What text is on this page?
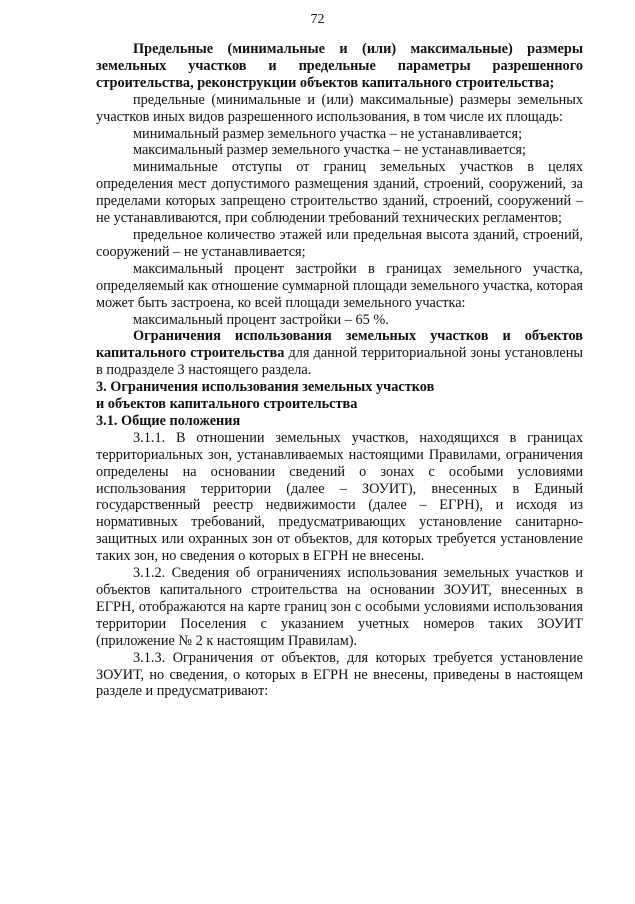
72

Предельные (минимальные и (или) максимальные) размеры земельных участков и предельные параметры разрешенного строительства, реконструкции объектов капитального строительства;

предельные (минимальные и (или) максимальные) размеры земельных участков иных видов разрешенного использования, в том числе их площадь:

минимальный размер земельного участка – не устанавливается;

максимальный размер земельного участка – не устанавливается;

минимальные отступы от границ земельных участков в целях определения мест допустимого размещения зданий, строений, сооружений, за пределами которых запрещено строительство зданий, строений, сооружений – не устанавливаются, при соблюдении требований технических регламентов;

предельное количество этажей или предельная высота зданий, строений, сооружений – не устанавливается;

максимальный процент застройки в границах земельного участка, определяемый как отношение суммарной площади земельного участка, которая может быть застроена, ко всей площади земельного участка:

максимальный процент застройки – 65 %.

Ограничения использования земельных участков и объектов капитального строительства для данной территориальной зоны установлены в подразделе 3 настоящего раздела.

3. Ограничения использования земельных участков
и объектов капитального строительства

3.1. Общие положения

3.1.1. В отношении земельных участков, находящихся в границах территориальных зон, устанавливаемых настоящими Правилами, ограничения определены на основании сведений о зонах с особыми условиями использования территории (далее – ЗОУИТ), внесенных в Единый государственный реестр недвижимости (далее – ЕГРН), и исходя из нормативных требований, предусматривающих установление санитарно-защитных или охранных зон от объектов, для которых требуется установление таких зон, но сведения о которых в ЕГРН не внесены.

3.1.2. Сведения об ограничениях использования земельных участков и объектов капитального строительства на основании ЗОУИТ, внесенных в ЕГРН, отображаются на карте границ зон с особыми условиями использования территории Поселения с указанием учетных номеров таких ЗОУИТ (приложение № 2 к настоящим Правилам).

3.1.3. Ограничения от объектов, для которых требуется установление ЗОУИТ, но сведения, о которых в ЕГРН не внесены, приведены в настоящем разделе и предусматривают:
